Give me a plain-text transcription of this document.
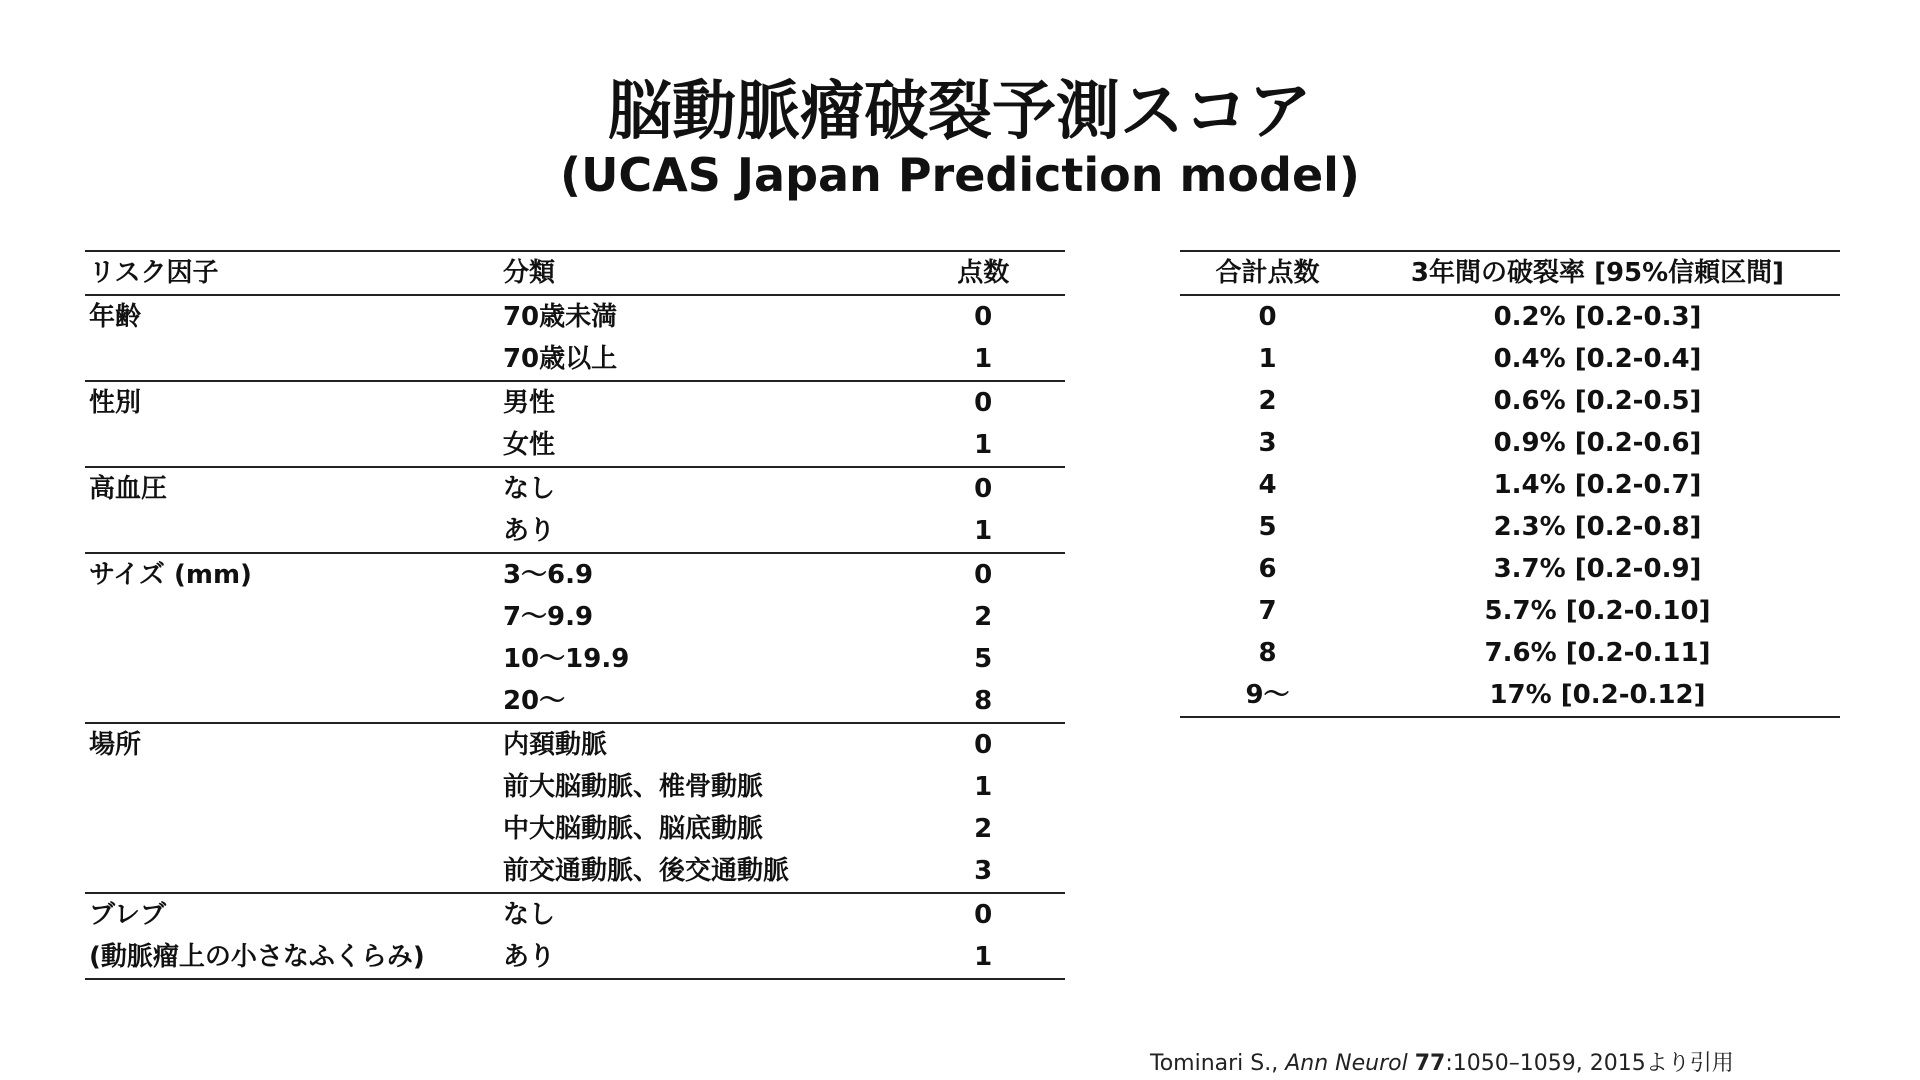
脳動脈瘤破裂予測スコア
(UCAS Japan Prediction model)
リスク因子	分類	点数
年齢	70歳未満	0
	70歳以上	1
性別	男性	0
	女性	1
高血圧	なし	0
	あり	1
サイズ (mm)	3〜6.9	0
	7〜9.9	2
	10〜19.9	5
	20〜	8
場所	内頚動脈	0
	前大脳動脈、椎骨動脈	1
	中大脳動脈、脳底動脈	2
	前交通動脈、後交通動脈	3
ブレブ	なし	0
(動脈瘤上の小さなふくらみ)	あり	1
合計点数	3年間の破裂率 [95%信頼区間]
0	0.2% [0.2-0.3]
1	0.4% [0.2-0.4]
2	0.6% [0.2-0.5]
3	0.9% [0.2-0.6]
4	1.4% [0.2-0.7]
5	2.3% [0.2-0.8]
6	3.7% [0.2-0.9]
7	5.7% [0.2-0.10]
8	7.6% [0.2-0.11]
9〜	17% [0.2-0.12]
Tominari S., Ann Neurol 77:1050–1059, 2015より引用
